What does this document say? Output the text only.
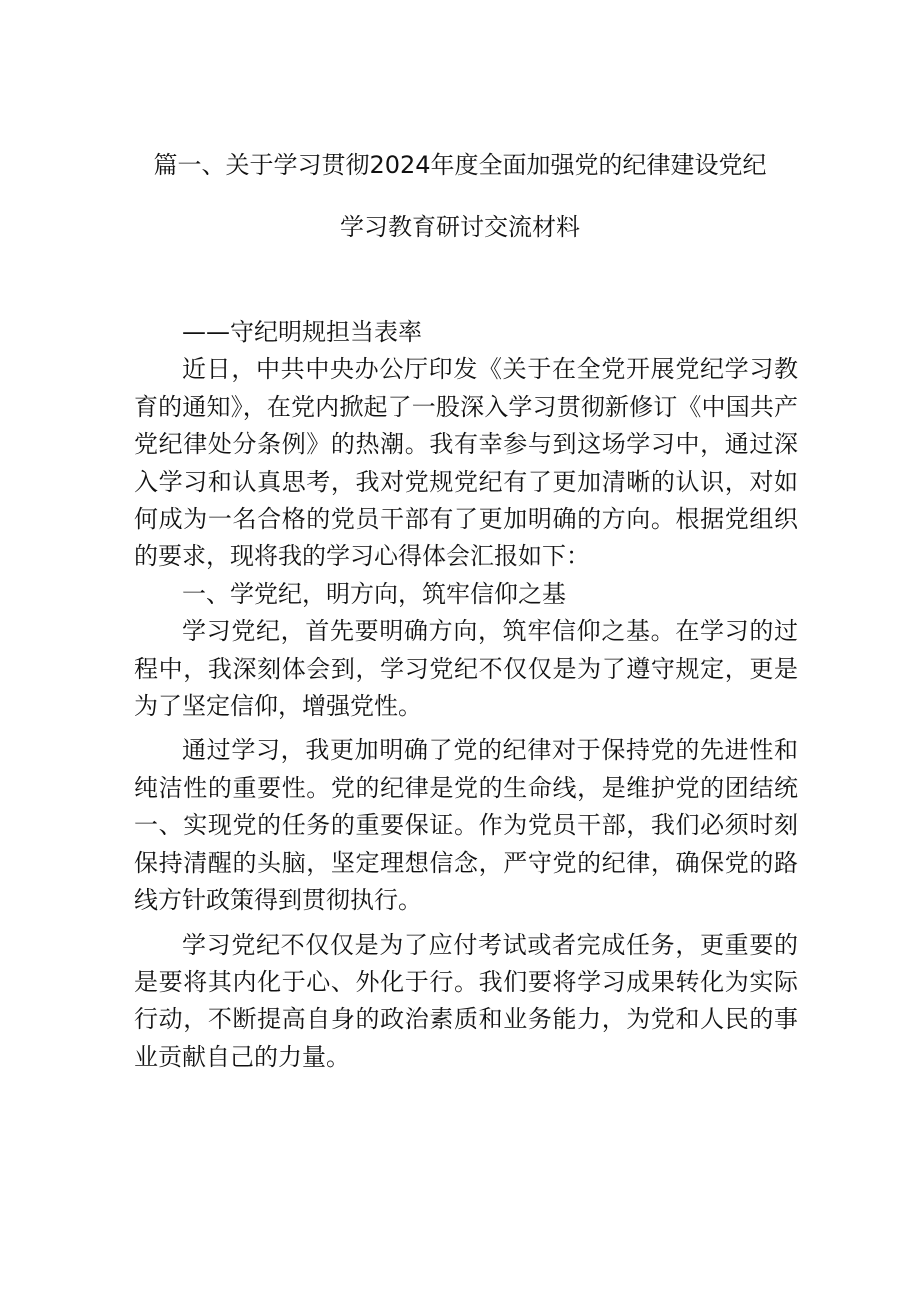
篇一、关于学习贯彻2024年度全面加强党的纪律建设党纪
学习教育研讨交流材料

——守纪明规担当表率

近日，中共中央办公厅印发《关于在全党开展党纪学习教育的通知》，在党内掀起了一股深入学习贯彻新修订《中国共产党纪律处分条例》的热潮。我有幸参与到这场学习中，通过深入学习和认真思考，我对党规党纪有了更加清晰的认识，对如何成为一名合格的党员干部有了更加明确的方向。根据党组织的要求，现将我的学习心得体会汇报如下：

一、学党纪，明方向，筑牢信仰之基

学习党纪，首先要明确方向，筑牢信仰之基。在学习的过程中，我深刻体会到，学习党纪不仅仅是为了遵守规定，更是为了坚定信仰，增强党性。

通过学习，我更加明确了党的纪律对于保持党的先进性和纯洁性的重要性。党的纪律是党的生命线，是维护党的团结统一、实现党的任务的重要保证。作为党员干部，我们必须时刻保持清醒的头脑，坚定理想信念，严守党的纪律，确保党的路线方针政策得到贯彻执行。

学习党纪不仅仅是为了应付考试或者完成任务，更重要的是要将其内化于心、外化于行。我们要将学习成果转化为实际行动，不断提高自身的政治素质和业务能力，为党和人民的事业贡献自己的力量。
